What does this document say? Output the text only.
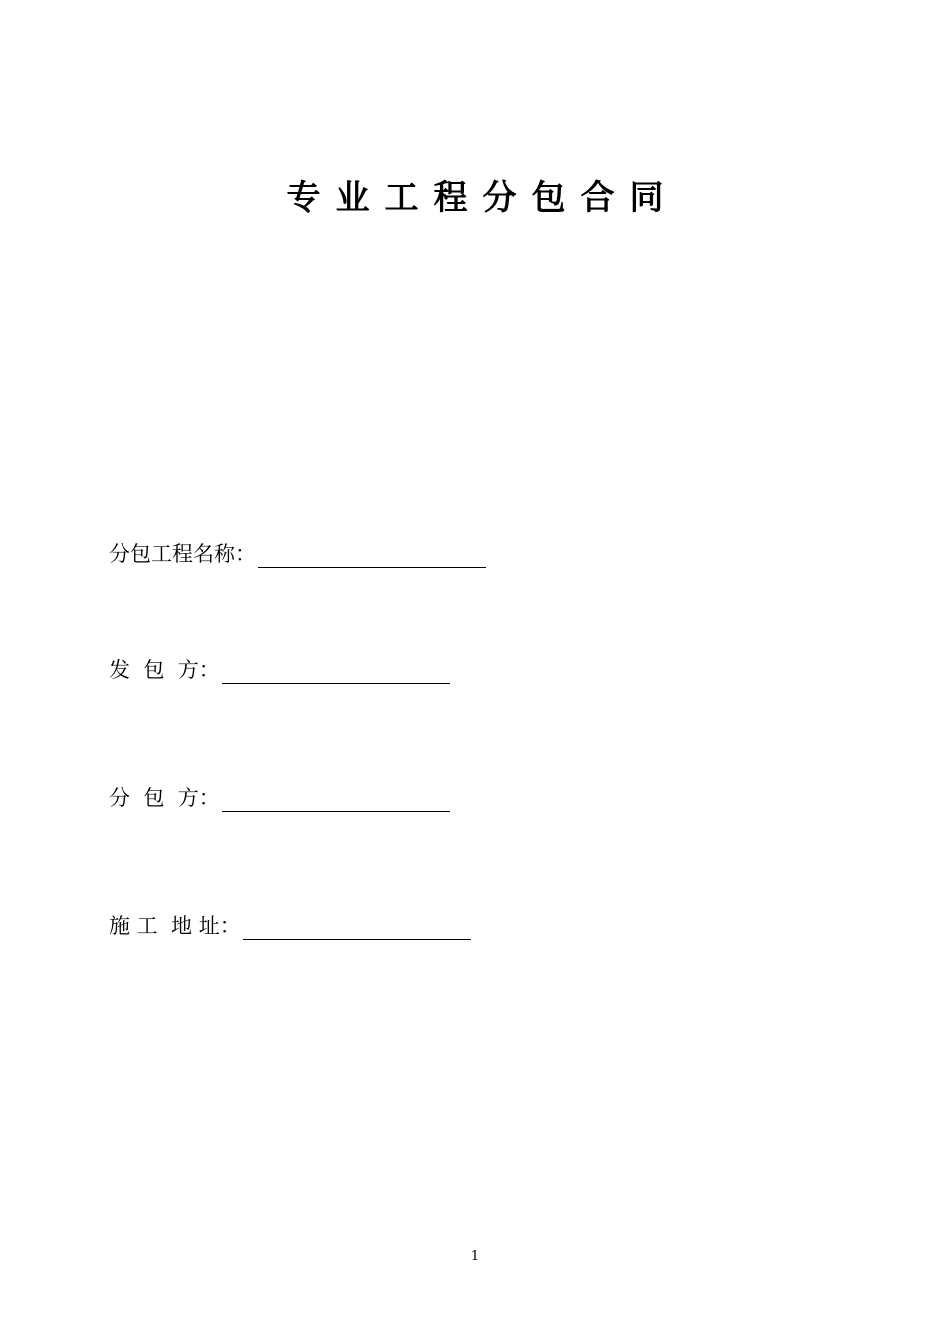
专业工程分包合同
分包工程名称：
发  包  方：
分  包  方：
施 工  地 址：
1
